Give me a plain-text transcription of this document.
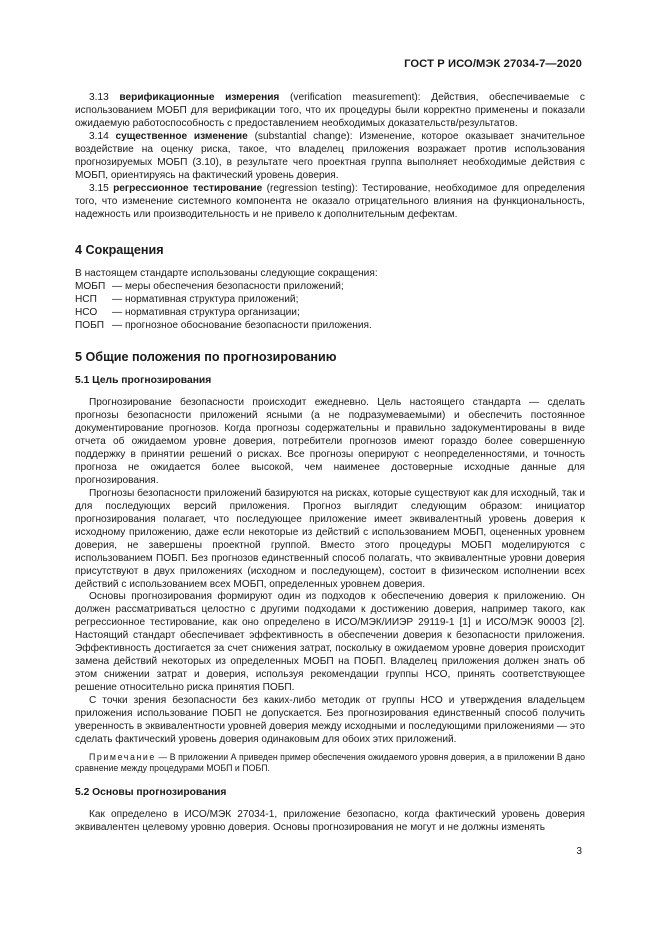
ГОСТ Р ИСО/МЭК 27034-7—2020

3.13 верификационные измерения (verification measurement): Действия, обеспечиваемые с использованием МОБП для верификации того, что их процедуры были корректно применены и показали ожидаемую работоспособность с предоставлением необходимых доказательств/результатов.

3.14 существенное изменение (substantial change): Изменение, которое оказывает значительное воздействие на оценку риска, такое, что владелец приложения возражает против использования прогнозируемых МОБП (3.10), в результате чего проектная группа выполняет необходимые действия с МОБП, ориентируясь на фактический уровень доверия.

3.15 регрессионное тестирование (regression testing): Тестирование, необходимое для определения того, что изменение системного компонента не оказало отрицательного влияния на функциональность, надежность или производительность и не привело к дополнительным дефектам.

4 Сокращения

В настоящем стандарте использованы следующие сокращения:

МОБП — меры обеспечения безопасности приложений;
НСП	— нормативная структура приложений;
НСО	— нормативная структура организации;
ПОБП — прогнозное обоснование безопасности приложения.
5 Общие положения по прогнозированию
5.1 Цель прогнозирования

Прогнозирование безопасности происходит ежедневно. Цель настоящего стандарта — сделать прогнозы безопасности приложений ясными (а не подразумеваемыми) и обеспечить постоянное документирование прогнозов. Когда прогнозы содержательны и правильно задокументированы в виде отчета об ожидаемом уровне доверия, потребители прогнозов имеют гораздо более совершенную поддержку в принятии решений о рисках. Все прогнозы оперируют с неопределенностями, и точность прогноза не ожидается более высокой, чем наименее достоверные исходные данные для прогнозирования.

Прогнозы безопасности приложений базируются на рисках, которые существуют как для исходный, так и для последующих версий приложения. Прогноз выглядит следующим образом: инициатор прогнозирования полагает, что последующее приложение имеет эквивалентный уровень доверия к исходному приложению, даже если некоторые из действий с использованием МОБП, оцененных уровнем доверия, не завершены проектной группой. Вместо этого процедуры МОБП моделируются с использованием ПОБП. Без прогнозов единственный способ полагать, что эквивалентные уровни доверия присутствуют в двух приложениях (исходном и последующем), состоит в физическом исполнении всех действий с использованием всех МОБП, определенных уровнем доверия.

Основы прогнозирования формируют один из подходов к обеспечению доверия к приложению. Он должен рассматриваться целостно с другими подходами к достижению доверия, например такого, как регрессионное тестирование, как оно определено в ИСО/МЭК/ИИЭР 29119-1 [1] и ИСО/МЭК 90003 [2]. Настоящий стандарт обеспечивает эффективность в обеспечении доверия к безопасности приложения. Эффективность достигается за счет снижения затрат, поскольку в ожидаемом уровне доверия происходит замена действий некоторых из определенных МОБП на ПОБП. Владелец приложения должен знать об этом снижении затрат и доверия, используя рекомендации группы НСО, принять соответствующее решение относительно риска принятия ПОБП.

С точки зрения безопасности без каких-либо методик от группы НСО и утверждения владельцем приложения использование ПОБП не допускается. Без прогнозирования единственный способ получить уверенность в эквивалентности уровней доверия между исходными и последующими приложениями — это сделать фактический уровень доверия одинаковым для обоих этих приложений.

Примечание — В приложении А приведен пример обеспечения ожидаемого уровня доверия, а в приложении В дано сравнение между процедурами МОБП и ПОБП.

5.2 Основы прогнозирования

Как определено в ИСО/МЭК 27034-1, приложение безопасно, когда фактический уровень доверия эквивалентен целевому уровню доверия. Основы прогнозирования не могут и не должны изменять

3
